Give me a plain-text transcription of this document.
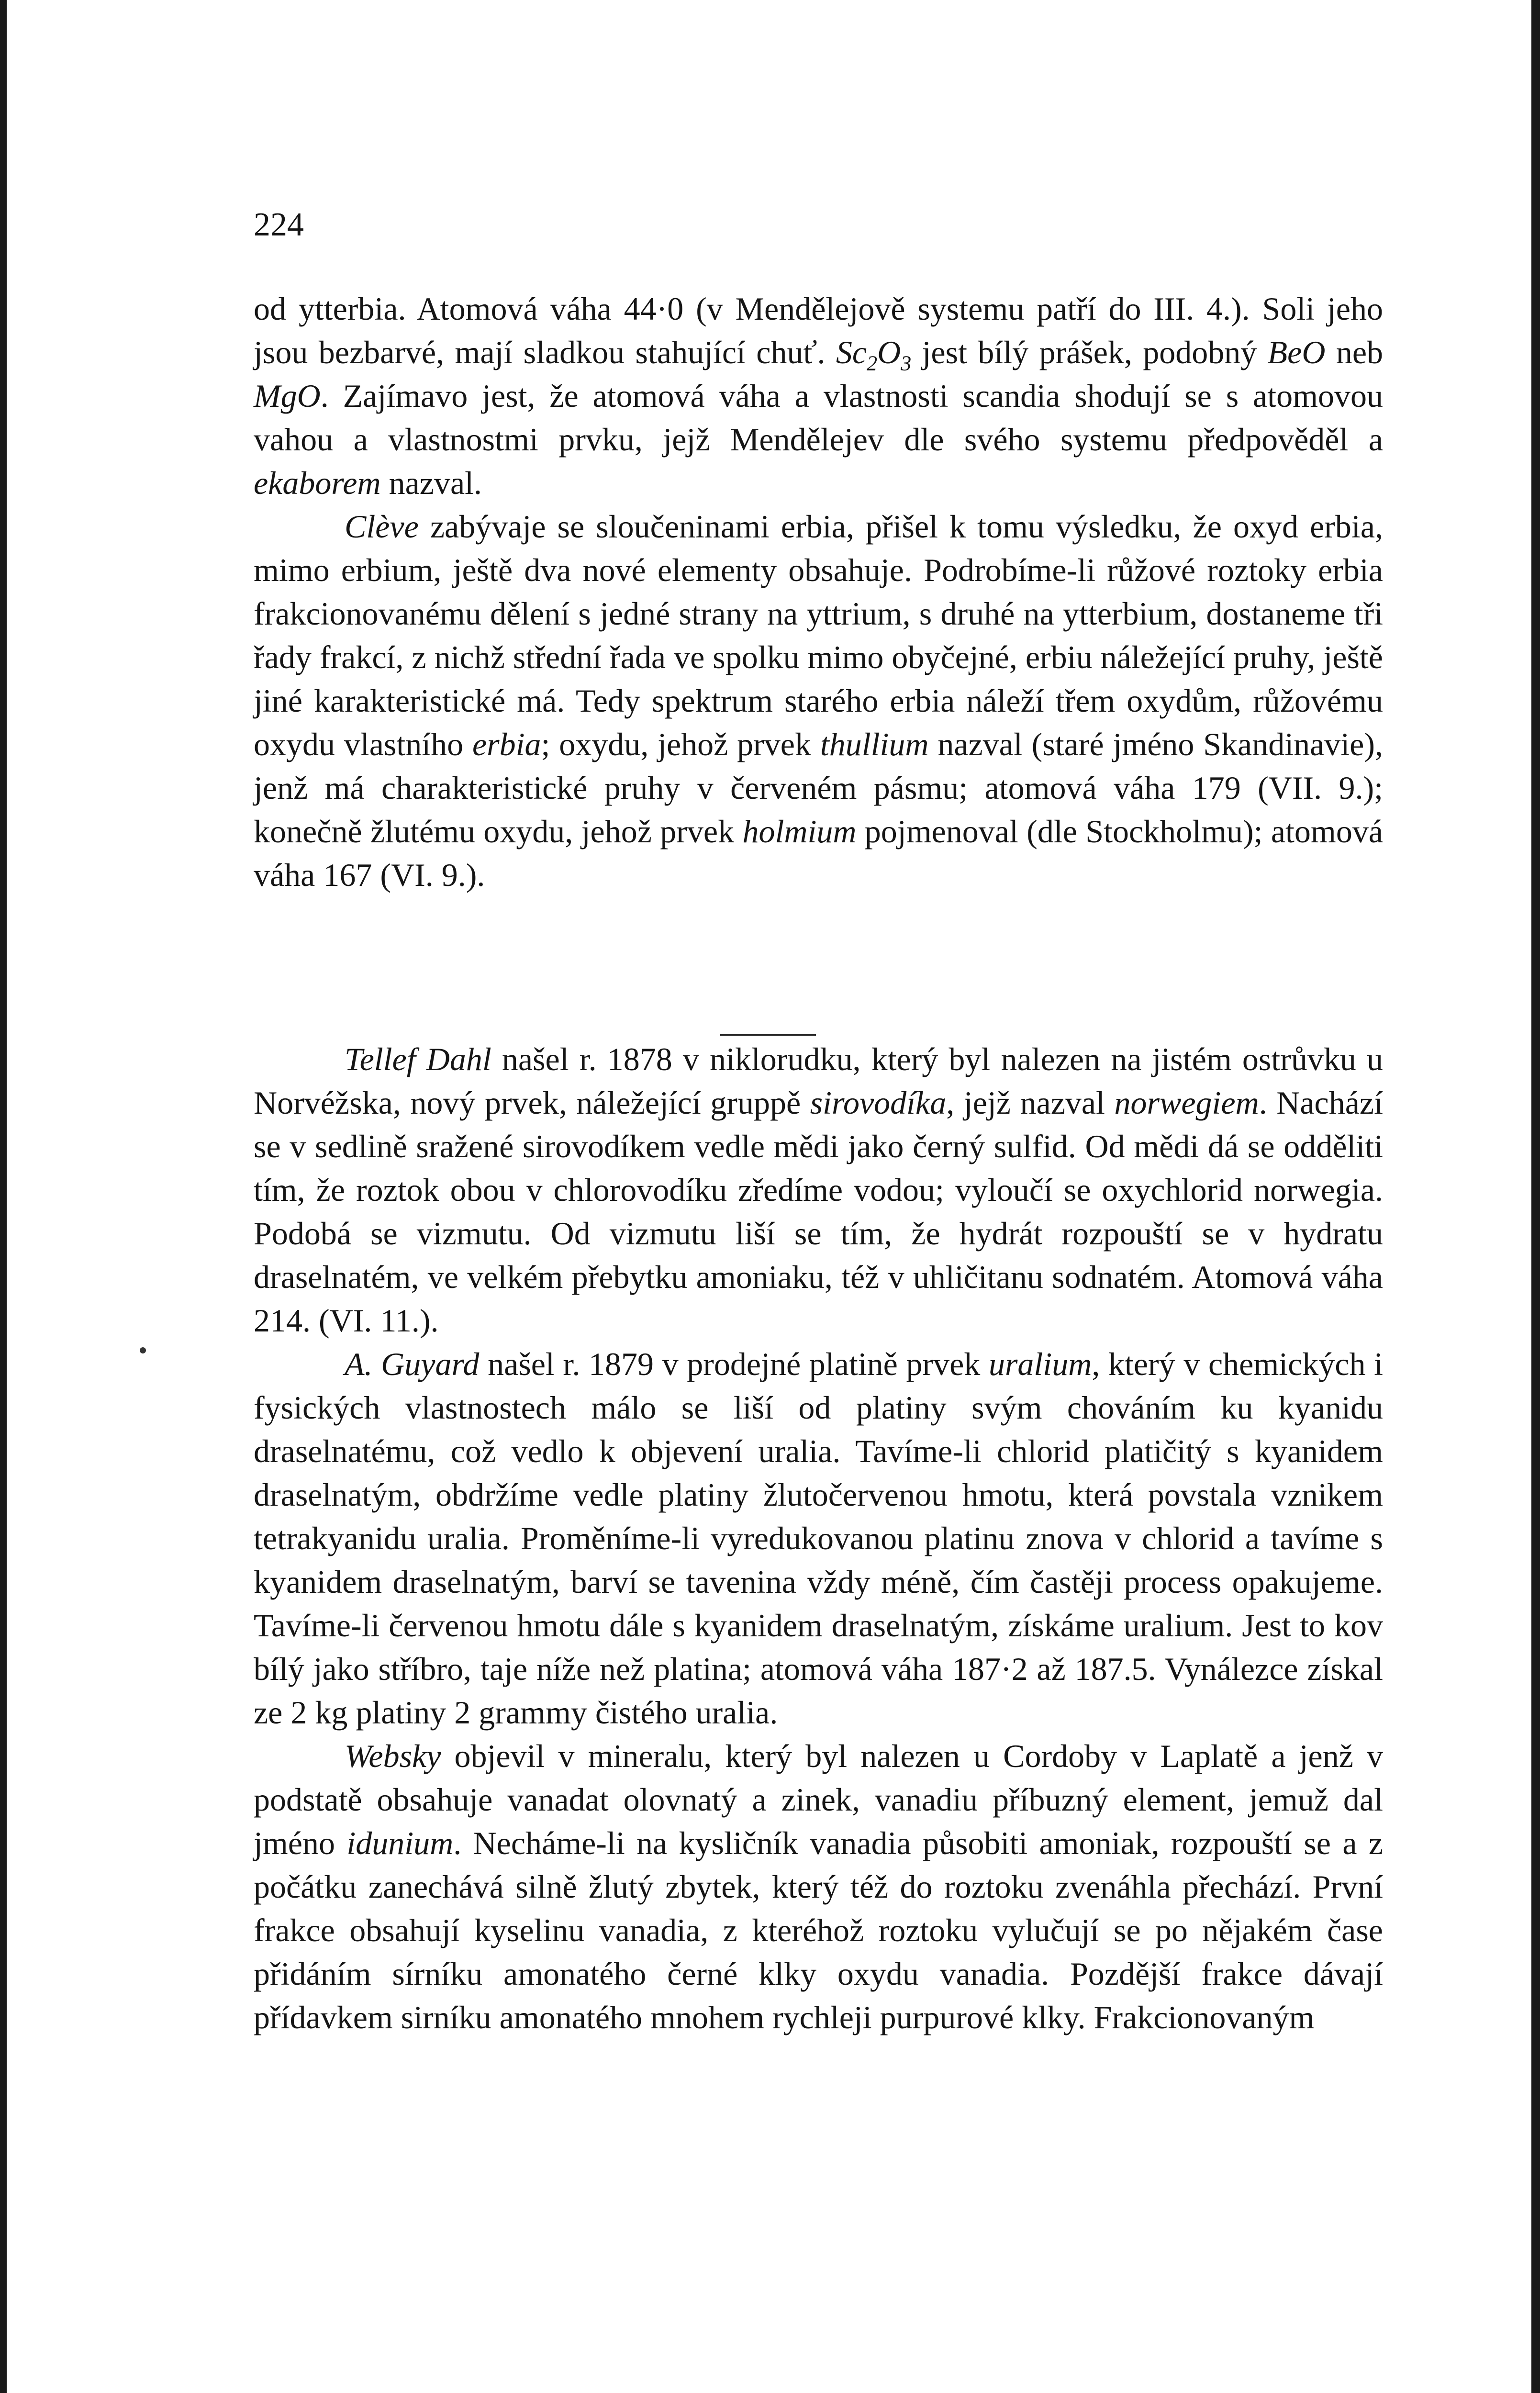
224

od ytterbia. Atomová váha 44·0 (v Mendělejově systemu patří do III. 4.). Soli jeho jsou bezbarvé, mají sladkou stahující chuť. $Sc_2O_3$ jest bílý prášek, podobný BeO neb MgO. Zajímavo jest, že atomová váha a vlastnosti scandia shodují se s atomovou vahou a vlastnostmi prvku, jejž Mendělejev dle svého systemu předpověděl a ekaborem nazval.

Clève zabývaje se sloučeninami erbia, přišel k tomu výsledku, že oxyd erbia, mimo erbium, ještě dva nové elementy obsahuje. Podrobíme-li růžové roztoky erbia frakcionovanému dělení s jedné strany na yttrium, s druhé na ytterbium, dostaneme tři řady frakcí, z nichž střední řada ve spolku mimo obyčejné, erbiu náležející pruhy, ještě jiné karakteristické má. Tedy spektrum starého erbia náleží třem oxydům, růžovému oxydu vlastního erbia; oxydu, jehož prvek thullium nazval (staré jméno Skandinavie), jenž má charakteristické pruhy v červeném pásmu; atomová váha 179 (VII. 9.); konečně žlutému oxydu, jehož prvek holmium pojmenoval (dle Stockholmu); atomová váha 167 (VI. 9.).

Tellef Dahl našel r. 1878 v niklorudku, který byl nalezen na jistém ostrůvku u Norvéžska, nový prvek, náležející gruppě sirovodíka, jejž nazval norwegiem. Nachází se v sedlině sražené sirovodíkem vedle mědi jako černý sulfid. Od mědi dá se odděliti tím, že roztok obou v chlorovodíku zředíme vodou; vyloučí se oxychlorid norwegia. Podobá se vizmutu. Od vizmutu liší se tím, že hydrát rozpouští se v hydratu draselnatém, ve velkém přebytku amoniaku, též v uhličitanu sodnatém. Atomová váha 214. (VI. 11.).

A. Guyard našel r. 1879 v prodejné platině prvek uralium, který v chemických i fysických vlastnostech málo se liší od platiny svým chováním ku kyanidu draselnatému, což vedlo k objevení uralia. Tavíme-li chlorid platičitý s kyanidem draselnatým, obdržíme vedle platiny žlutočervenou hmotu, která povstala vznikem tetrakyanidu uralia. Proměníme-li vyredukovanou platinu znova v chlorid a tavíme s kyanidem draselnatým, barví se tavenina vždy méně, čím častěji process opakujeme. Tavíme-li červenou hmotu dále s kyanidem draselnatým, získáme uralium. Jest to kov bílý jako stříbro, taje níže než platina; atomová váha 187·2 až 187.5. Vynálezce získal ze 2 kg platiny 2 grammy čistého uralia.

Websky objevil v mineralu, který byl nalezen u Cordoby v Laplatě a jenž v podstatě obsahuje vanadat olovnatý a zinek, vanadiu příbuzný element, jemuž dal jméno idunium. Necháme-li na kysličník vanadia působiti amoniak, rozpouští se a z počátku zanechává silně žlutý zbytek, který též do roztoku zvenáhla přechází. První frakce obsahují kyselinu vanadia, z kteréhož roztoku vylučují se po nějakém čase přidáním sírníku amonatého černé klky oxydu vanadia. Pozdější frakce dávají přídavkem sirníku amonatého mnohem rychleji purpurové klky. Frakcionovaným
